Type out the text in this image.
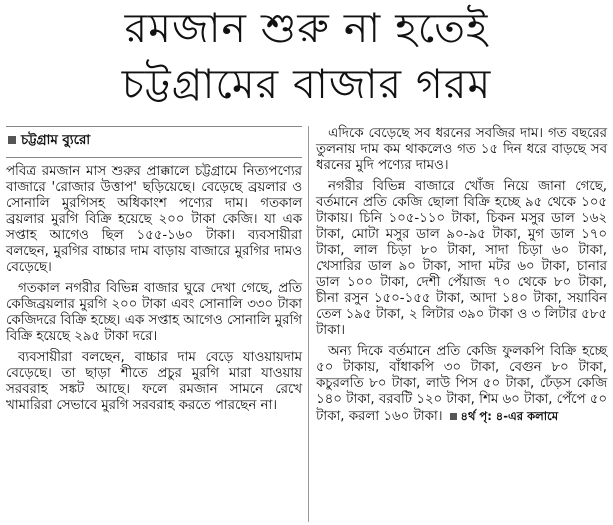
রমজান শুরু না হতেই
চট্টগ্রামের বাজার গরম
চট্টগ্রাম ব্যুরো

পবিত্র রমজান মাস শুরুর প্রাক্কালে চট্টগ্রামে নিত্যপণ্যের বাজারে 'রোজার উত্তাপ' ছড়িয়েছে। বেড়েছে ব্রয়লার ও সোনালি মুরগিসহ অধিকাংশ পণ্যের দাম। গতকাল ব্রয়লার মুরগি বিক্রি হয়েছে ২০০ টাকা কেজি। যা এক সপ্তাহ আগেও ছিল ১৫৫-১৬০ টাকা। ব্যবসায়ীরা বলছেন, মুরগির বাচ্চার দাম বাড়ায় বাজারে মুরগির দামও বেড়েছে।

গতকাল নগরীর বিভিন্ন বাজার ঘুরে দেখা গেছে, প্রতি কেজিব্রয়লার মুরগি ২০০ টাকা এবং সোনালি ৩৩০ টাকা কেজিদরে বিক্রি হচ্ছে। এক সপ্তাহ আগেও সোনালি মুরগি বিক্রি হয়েছে ২৯৫ টাকা দরে।

ব্যবসায়ীরা বলছেন, বাচ্চার দাম বেড়ে যাওয়ায়দাম বেড়েছে। তা ছাড়া শীতে প্রচুর মুরগি মারা যাওয়ায় সরবরাহ সঙ্কট আছে। ফলে রমজান সামনে রেখে খামারিরা সেভাবে মুরগি সরবরাহ করতে পারছেন না।

এদিকে বেড়েছে সব ধরনের সবজির দাম। গত বছরের তুলনায় দাম কম থাকলেও গত ১৫ দিন ধরে বাড়ছে সব ধরনের মুদি পণ্যের দামও।

নগরীর বিভিন্ন বাজারে খোঁজ নিয়ে জানা গেছে, বর্তমানে প্রতি কেজি ছোলা বিক্রি হচ্ছে ৯৫ থেকে ১০৫ টাকায়। চিনি ১০৫-১১০ টাকা, চিকন মসুর ডাল ১৬২ টাকা, মোটা মসুর ডাল ৯০-৯৫ টাকা, মুগ ডাল ১৭০ টাকা, লাল চিড়া ৮০ টাকা, সাদা চিড়া ৬০ টাকা, খেসারির ডাল ৯০ টাকা, সাদা মটর ৬০ টাকা, চানার ডাল ১০০ টাকা, দেশী পেঁয়াজ ৭০ থেকে ৮০ টাকা, চীনা রসুন ১৫০-১৫৫ টাকা, আদা ১৪০ টাকা, সয়াবিন তেল ১৯৫ টাকা, ২ লিটার ৩৯০ টাকা ও ৩ লিটার ৫৮৫ টাকা।

অন্য দিকে বর্তমানে প্রতি কেজি ফুলকপি বিক্রি হচ্ছে ৫০ টাকায়, বাঁধাকপি ৩০ টাকা, বেগুন ৮০ টাকা, কচুরলতি ৮০ টাকা, লাউ পিস ৫০ টাকা, ঢেঁড়স কেজি ১৪০ টাকা, বরবটি ১২০ টাকা, শিম ৬০ টাকা, পেঁপে ৫০ টাকা, করলা ১৬০ টাকা। ৪র্থ পৃ: ৪-এর কলামে
